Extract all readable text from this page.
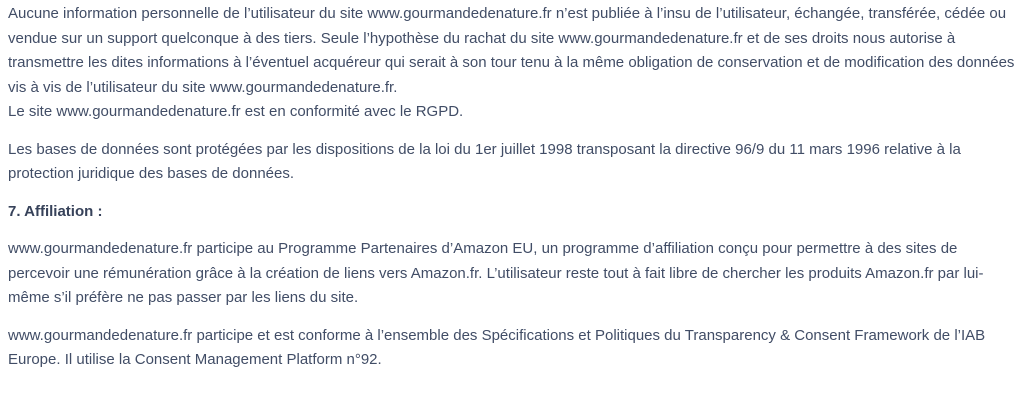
Aucune information personnelle de l’utilisateur du site www.gourmandedenature.fr n’est publiée à l’insu de l’utilisateur, échangée, transférée, cédée ou vendue sur un support quelconque à des tiers. Seule l’hypothèse du rachat du site www.gourmandedenature.fr et de ses droits nous autorise à transmettre les dites informations à l’éventuel acquéreur qui serait à son tour tenu à la même obligation de conservation et de modification des données vis à vis de l’utilisateur du site www.gourmandedenature.fr.
Le site www.gourmandedenature.fr est en conformité avec le RGPD.

Les bases de données sont protégées par les dispositions de la loi du 1er juillet 1998 transposant la directive 96/9 du 11 mars 1996 relative à la protection juridique des bases de données.

7. Affiliation :

www.gourmandedenature.fr participe au Programme Partenaires d’Amazon EU, un programme d’affiliation conçu pour permettre à des sites de percevoir une rémunération grâce à la création de liens vers Amazon.fr. L’utilisateur reste tout à fait libre de chercher les produits Amazon.fr par lui-même s’il préfère ne pas passer par les liens du site.

www.gourmandedenature.fr participe et est conforme à l’ensemble des Spécifications et Politiques du Transparency & Consent Framework de l’IAB Europe. Il utilise la Consent Management Platform n°92.
